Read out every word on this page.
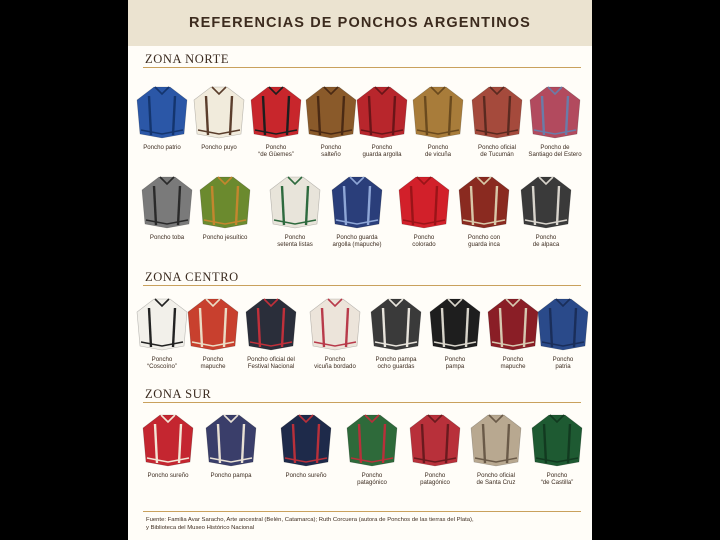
REFERENCIAS DE PONCHOS ARGENTINOS
ZONA NORTE
ZONA CENTRO
ZONA SUR
Poncho patrio	Poncho puyo	Poncho
“de Güemes”
Poncho
salteño
Poncho
guarda argolla
Poncho
de vicuña
Poncho oficial
de Tucumán
Poncho de
Santiago del Estero
Poncho toba	Poncho jesuítico	Poncho
setenta listas
Poncho guarda
argolla (mapuche)
Poncho
colorado
Poncho con
guarda inca
Poncho
de alpaca
Poncho
“Coscoíno”
Poncho
mapuche
Poncho oficial del
Festival Nacional
Poncho
vicuña bordado
Poncho pampa
ocho guardas
Poncho
pampa
Poncho
mapuche
Poncho
patria
Poncho sureño	Poncho pampa	Poncho sureño	Poncho
patagónico
Poncho
patagónico
Poncho oficial
de Santa Cruz
Poncho
“de Castilla”
Fuente: Familia Avar Saracho, Arte ancestral (Belén, Catamarca); Ruth Corcuera (autora de Ponchos de las tierras del Plata),
y Biblioteca del Museo Histórico Nacional
